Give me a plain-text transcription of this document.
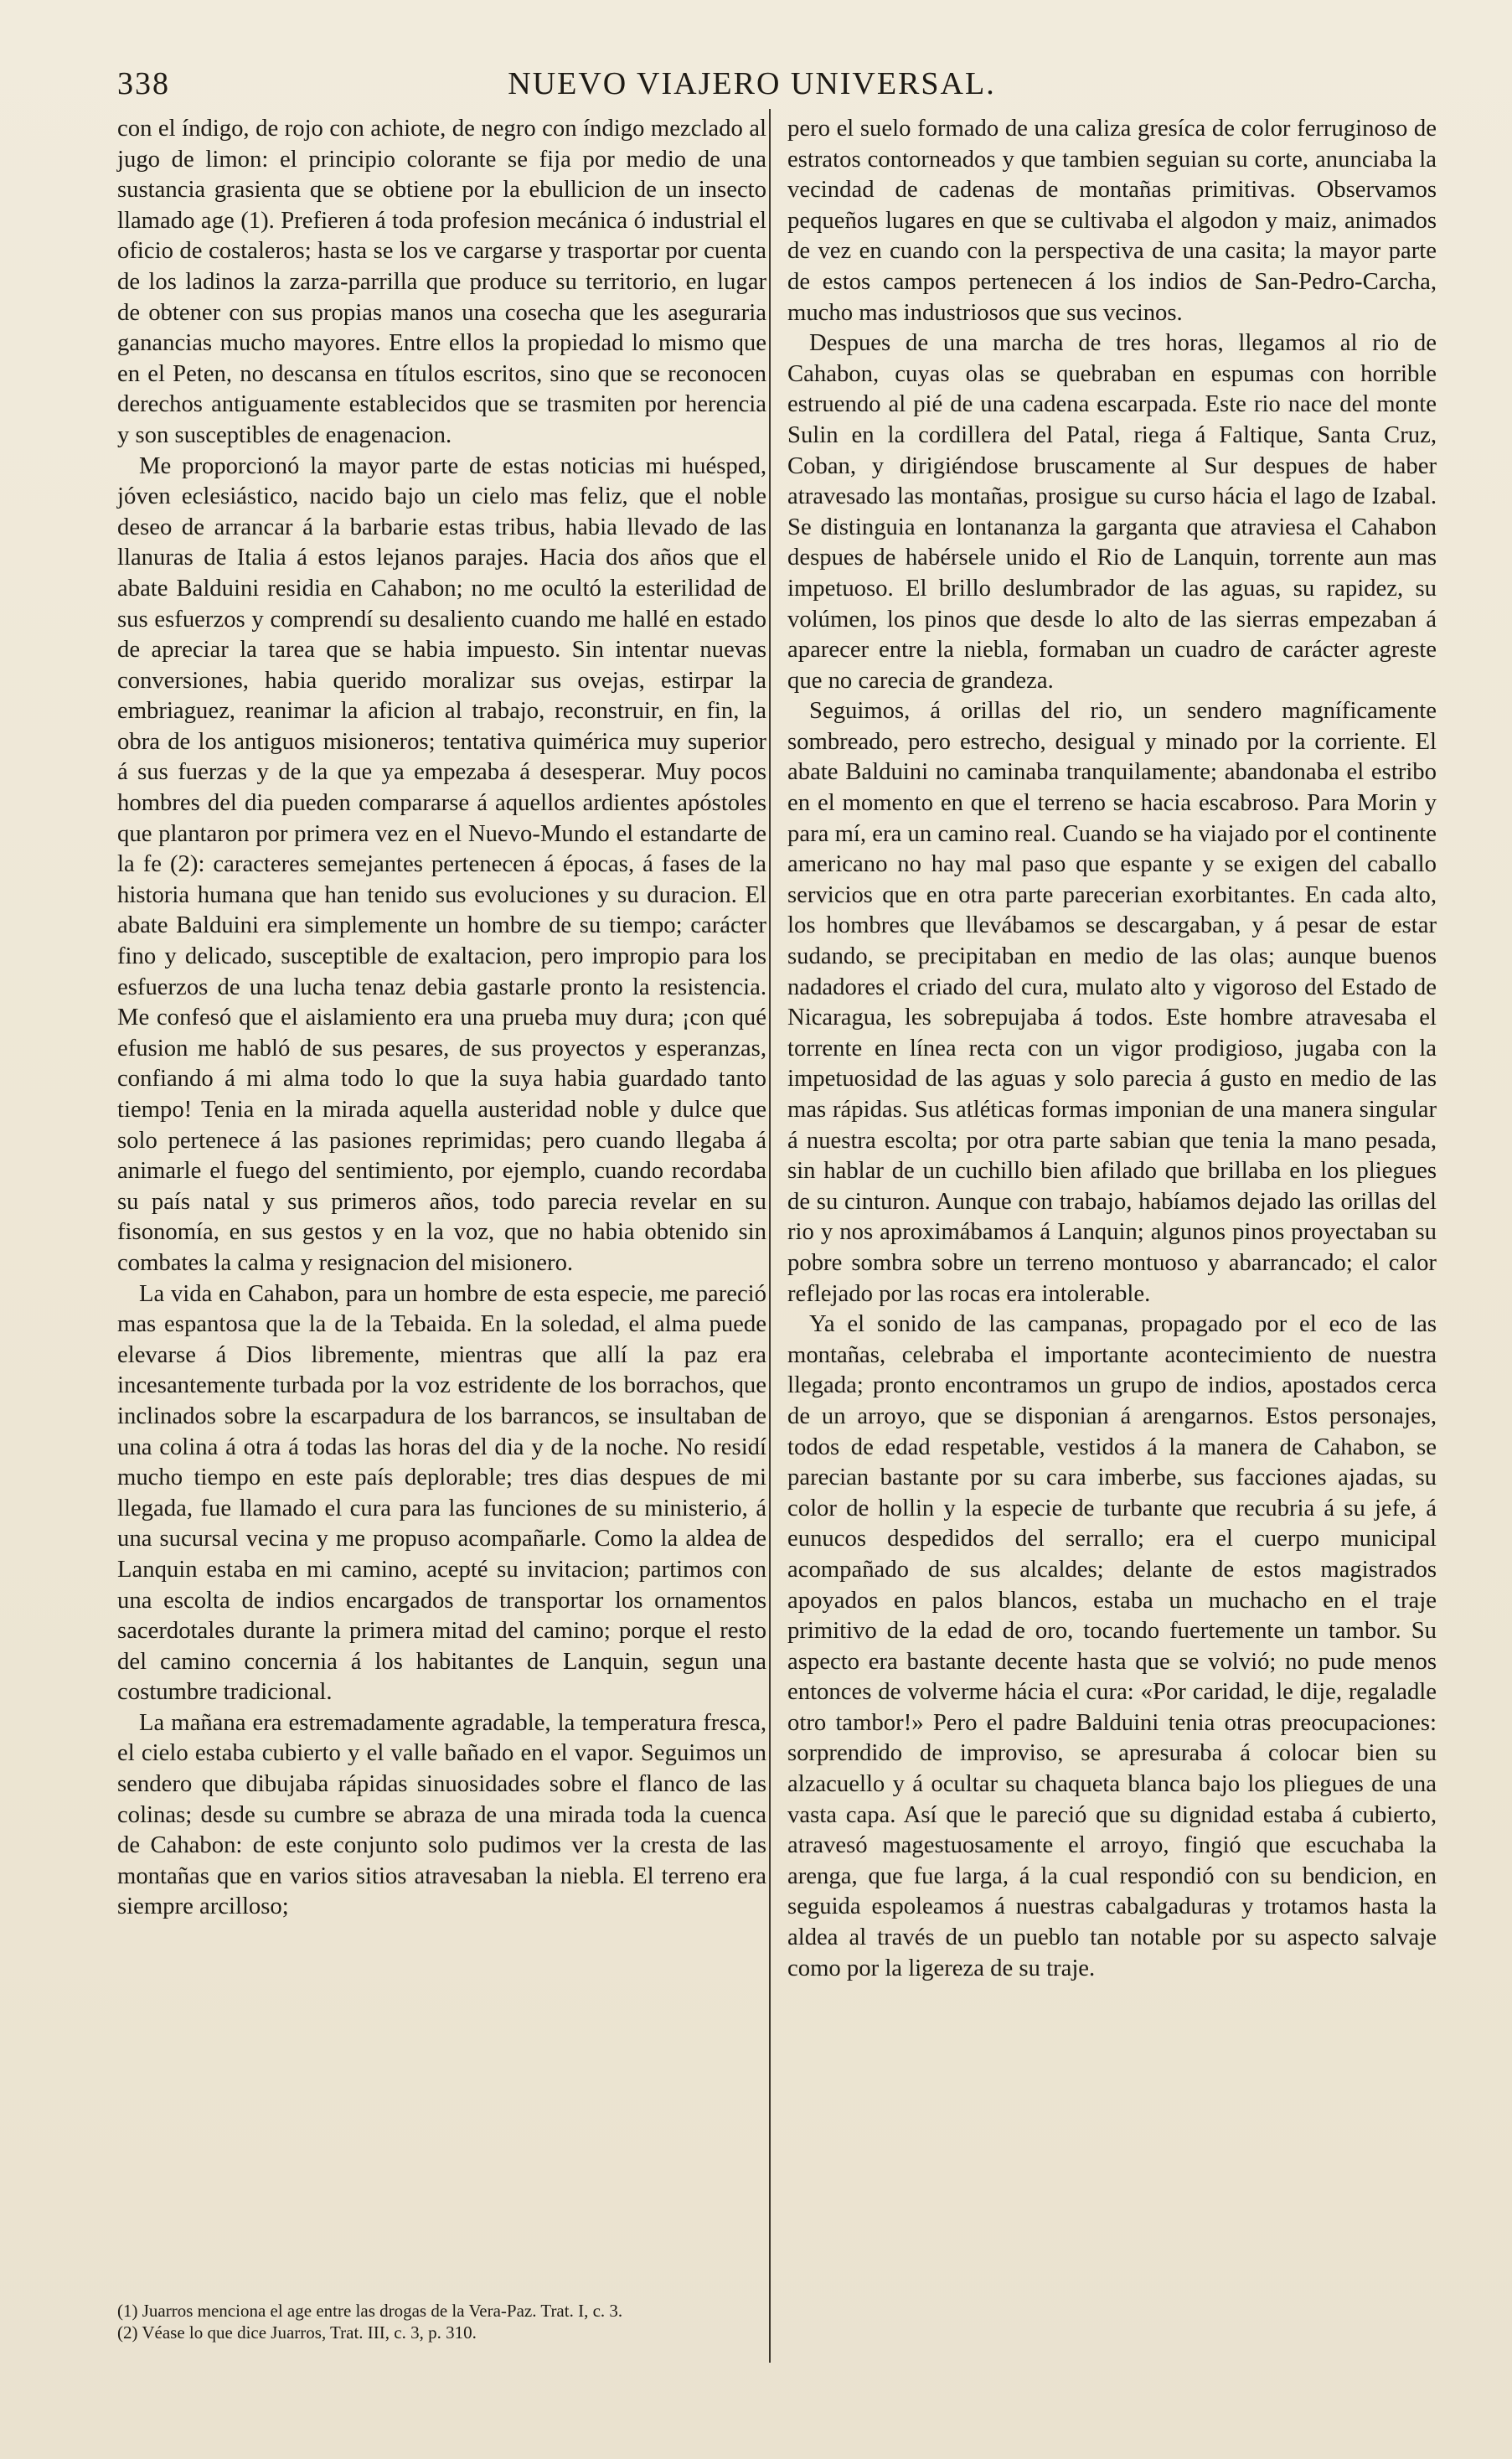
338	NUEVO VIAJERO UNIVERSAL.

con el índigo, de rojo con achiote, de negro con índigo mezclado al jugo de limon: el principio colorante se fija por medio de una sustancia grasienta que se obtiene por la ebullicion de un insecto llamado age (1). Prefieren á toda profesion mecánica ó industrial el oficio de costaleros; hasta se los ve cargarse y trasportar por cuenta de los ladinos la zarza-parrilla que produce su territorio, en lugar de obtener con sus propias manos una cosecha que les aseguraria ganancias mucho mayores. Entre ellos la propiedad lo mismo que en el Peten, no descansa en títulos escritos, sino que se reconocen derechos antiguamente establecidos que se trasmiten por herencia y son susceptibles de enagenacion.

Me proporcionó la mayor parte de estas noticias mi huésped, jóven eclesiástico, nacido bajo un cielo mas feliz, que el noble deseo de arrancar á la barbarie estas tribus, habia llevado de las llanuras de Italia á estos lejanos parajes. Hacia dos años que el abate Balduini residia en Cahabon; no me ocultó la esterilidad de sus esfuerzos y comprendí su desaliento cuando me hallé en estado de apreciar la tarea que se habia impuesto. Sin intentar nuevas conversiones, habia querido moralizar sus ovejas, estirpar la embriaguez, reanimar la aficion al trabajo, reconstruir, en fin, la obra de los antiguos misioneros; tentativa quimérica muy superior á sus fuerzas y de la que ya empezaba á desesperar. Muy pocos hombres del dia pueden compararse á aquellos ardientes apóstoles que plantaron por primera vez en el Nuevo-Mundo el estandarte de la fe (2): caracteres semejantes pertenecen á épocas, á fases de la historia humana que han tenido sus evoluciones y su duracion. El abate Balduini era simplemente un hombre de su tiempo; carácter fino y delicado, susceptible de exaltacion, pero impropio para los esfuerzos de una lucha tenaz debia gastarle pronto la resistencia. Me confesó que el aislamiento era una prueba muy dura; ¡con qué efusion me habló de sus pesares, de sus proyectos y esperanzas, confiando á mi alma todo lo que la suya habia guardado tanto tiempo! Tenia en la mirada aquella austeridad noble y dulce que solo pertenece á las pasiones reprimidas; pero cuando llegaba á animarle el fuego del sentimiento, por ejemplo, cuando recordaba su país natal y sus primeros años, todo parecia revelar en su fisonomía, en sus gestos y en la voz, que no habia obtenido sin combates la calma y resignacion del misionero.

La vida en Cahabon, para un hombre de esta especie, me pareció mas espantosa que la de la Tebaida. En la soledad, el alma puede elevarse á Dios libremente, mientras que allí la paz era incesantemente turbada por la voz estridente de los borrachos, que inclinados sobre la escarpadura de los barrancos, se insultaban de una colina á otra á todas las horas del dia y de la noche. No residí mucho tiempo en este país deplorable; tres dias despues de mi llegada, fue llamado el cura para las funciones de su ministerio, á una sucursal vecina y me propuso acompañarle. Como la aldea de Lanquin estaba en mi camino, acepté su invitacion; partimos con una escolta de indios encargados de transportar los ornamentos sacerdotales durante la primera mitad del camino; porque el resto del camino concernia á los habitantes de Lanquin, segun una costumbre tradicional.

La mañana era estremadamente agradable, la temperatura fresca, el cielo estaba cubierto y el valle bañado en el vapor. Seguimos un sendero que dibujaba rápidas sinuosidades sobre el flanco de las colinas; desde su cumbre se abraza de una mirada toda la cuenca de Cahabon: de este conjunto solo pudimos ver la cresta de las montañas que en varios sitios atravesaban la niebla. El terreno era siempre arcilloso;

pero el suelo formado de una caliza gresíca de color ferruginoso de estratos contorneados y que tambien seguian su corte, anunciaba la vecindad de cadenas de montañas primitivas. Observamos pequeños lugares en que se cultivaba el algodon y maiz, animados de vez en cuando con la perspectiva de una casita; la mayor parte de estos campos pertenecen á los indios de San-Pedro-Carcha, mucho mas industriosos que sus vecinos.

Despues de una marcha de tres horas, llegamos al rio de Cahabon, cuyas olas se quebraban en espumas con horrible estruendo al pié de una cadena escarpada. Este rio nace del monte Sulin en la cordillera del Patal, riega á Faltique, Santa Cruz, Coban, y dirigiéndose bruscamente al Sur despues de haber atravesado las montañas, prosigue su curso hácia el lago de Izabal. Se distinguia en lontananza la garganta que atraviesa el Cahabon despues de habérsele unido el Rio de Lanquin, torrente aun mas impetuoso. El brillo deslumbrador de las aguas, su rapidez, su volúmen, los pinos que desde lo alto de las sierras empezaban á aparecer entre la niebla, formaban un cuadro de carácter agreste que no carecia de grandeza.

Seguimos, á orillas del rio, un sendero magníficamente sombreado, pero estrecho, desigual y minado por la corriente. El abate Balduini no caminaba tranquilamente; abandonaba el estribo en el momento en que el terreno se hacia escabroso. Para Morin y para mí, era un camino real. Cuando se ha viajado por el continente americano no hay mal paso que espante y se exigen del caballo servicios que en otra parte parecerian exorbitantes. En cada alto, los hombres que llevábamos se descargaban, y á pesar de estar sudando, se precipitaban en medio de las olas; aunque buenos nadadores el criado del cura, mulato alto y vigoroso del Estado de Nicaragua, les sobrepujaba á todos. Este hombre atravesaba el torrente en línea recta con un vigor prodigioso, jugaba con la impetuosidad de las aguas y solo parecia á gusto en medio de las mas rápidas. Sus atléticas formas imponian de una manera singular á nuestra escolta; por otra parte sabian que tenia la mano pesada, sin hablar de un cuchillo bien afilado que brillaba en los pliegues de su cinturon. Aunque con trabajo, habíamos dejado las orillas del rio y nos aproximábamos á Lanquin; algunos pinos proyectaban su pobre sombra sobre un terreno montuoso y abarrancado; el calor reflejado por las rocas era intolerable.

Ya el sonido de las campanas, propagado por el eco de las montañas, celebraba el importante acontecimiento de nuestra llegada; pronto encontramos un grupo de indios, apostados cerca de un arroyo, que se disponian á arengarnos. Estos personajes, todos de edad respetable, vestidos á la manera de Cahabon, se parecian bastante por su cara imberbe, sus facciones ajadas, su color de hollin y la especie de turbante que recubria á su jefe, á eunucos despedidos del serrallo; era el cuerpo municipal acompañado de sus alcaldes; delante de estos magistrados apoyados en palos blancos, estaba un muchacho en el traje primitivo de la edad de oro, tocando fuertemente un tambor. Su aspecto era bastante decente hasta que se volvió; no pude menos entonces de volverme hácia el cura: «Por caridad, le dije, regaladle otro tambor!» Pero el padre Balduini tenia otras preocupaciones: sorprendido de improviso, se apresuraba á colocar bien su alzacuello y á ocultar su chaqueta blanca bajo los pliegues de una vasta capa. Así que le pareció que su dignidad estaba á cubierto, atravesó magestuosamente el arroyo, fingió que escuchaba la arenga, que fue larga, á la cual respondió con su bendicion, en seguida espoleamos á nuestras cabalgaduras y trotamos hasta la aldea al través de un pueblo tan notable por su aspecto salvaje como por la ligereza de su traje.

(1) Juarros menciona el age entre las drogas de la Vera-Paz. Trat. I, c. 3.
(2) Véase lo que dice Juarros, Trat. III, c. 3, p. 310.
